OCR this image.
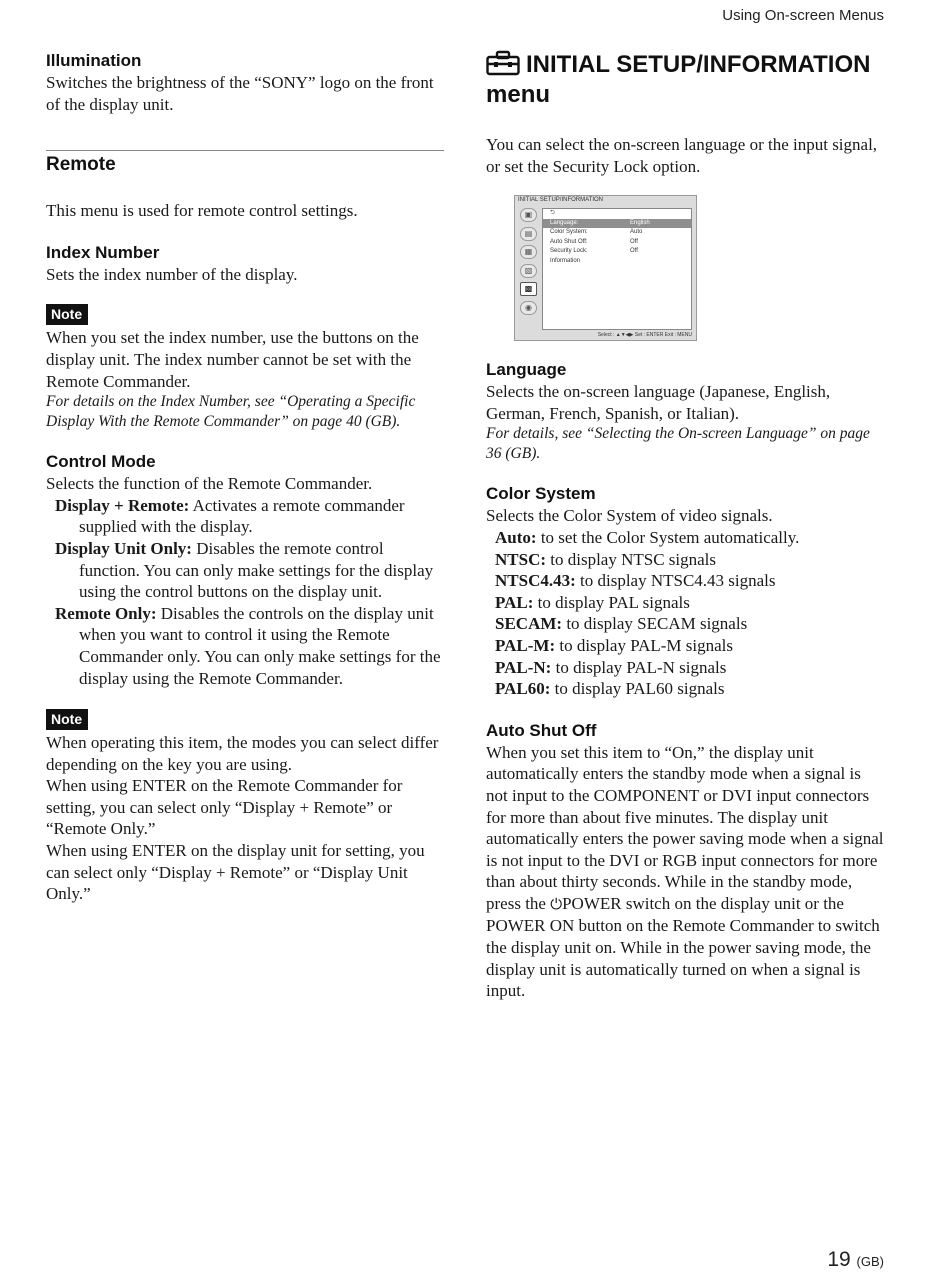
Using On-screen Menus
Illumination

Switches the brightness of the “SONY” logo on the front of the display unit.

Remote

This menu is used for remote control settings.

Index Number

Sets the index number of the display.

Note

When you set the index number, use the buttons on the display unit. The index number cannot be set with the Remote Commander.

For details on the Index Number, see “Operating a Specific Display With the Remote Commander” on page 40 (GB).

Control Mode

Selects the function of the Remote Commander.

Display + Remote: Activates a remote commander supplied with the display.

Display Unit Only: Disables the remote control function. You can only make settings for the display using the control buttons on the display unit.

Remote Only: Disables the controls on the display unit when you want to control it using the Remote Commander only. You can only make settings for the display using the Remote Commander.

Note

When operating this item, the modes you can select differ depending on the key you are using.

When using ENTER on the Remote Commander for setting, you can select only “Display + Remote” or “Remote Only.”

When using ENTER on the display unit for setting, you can select only “Display + Remote” or “Display Unit Only.”

INITIAL SETUP/INFORMATION
menu

You can select the on-screen language or the input signal, or set the Security Lock option.

INITIAL SETUP/INFORMATION
▣
▤
▦
▧
▩
◉
⮌
Language:	English
Color System:	Auto
Auto Shut Off:	Off
Security Lock:	Off
Information
Select : ▲▼◀▶ Set : ENTER Exit : MENU
Language

Selects the on-screen language (Japanese, English, German, French, Spanish, or Italian).

For details, see “Selecting the On-screen Language” on page 36 (GB).

Color System

Selects the Color System of video signals.

Auto: to set the Color System automatically.

NTSC: to display NTSC signals

NTSC4.43: to display NTSC4.43 signals

PAL: to display PAL signals

SECAM: to display SECAM signals

PAL-M: to display PAL-M signals

PAL-N: to display PAL-N signals

PAL60: to display PAL60 signals

Auto Shut Off

When you set this item to “On,” the display unit automatically enters the standby mode when a signal is not input to the COMPONENT or DVI input connectors for more than about five minutes. The display unit automatically enters the power saving mode when a signal is not input to the DVI or RGB input connectors for more than about thirty seconds. While in the standby mode, press the ⏻POWER switch on the display unit or the POWER ON button on the Remote Commander to switch the display unit on. While in the power saving mode, the display unit is automatically turned on when a signal is input.

19 (GB)
